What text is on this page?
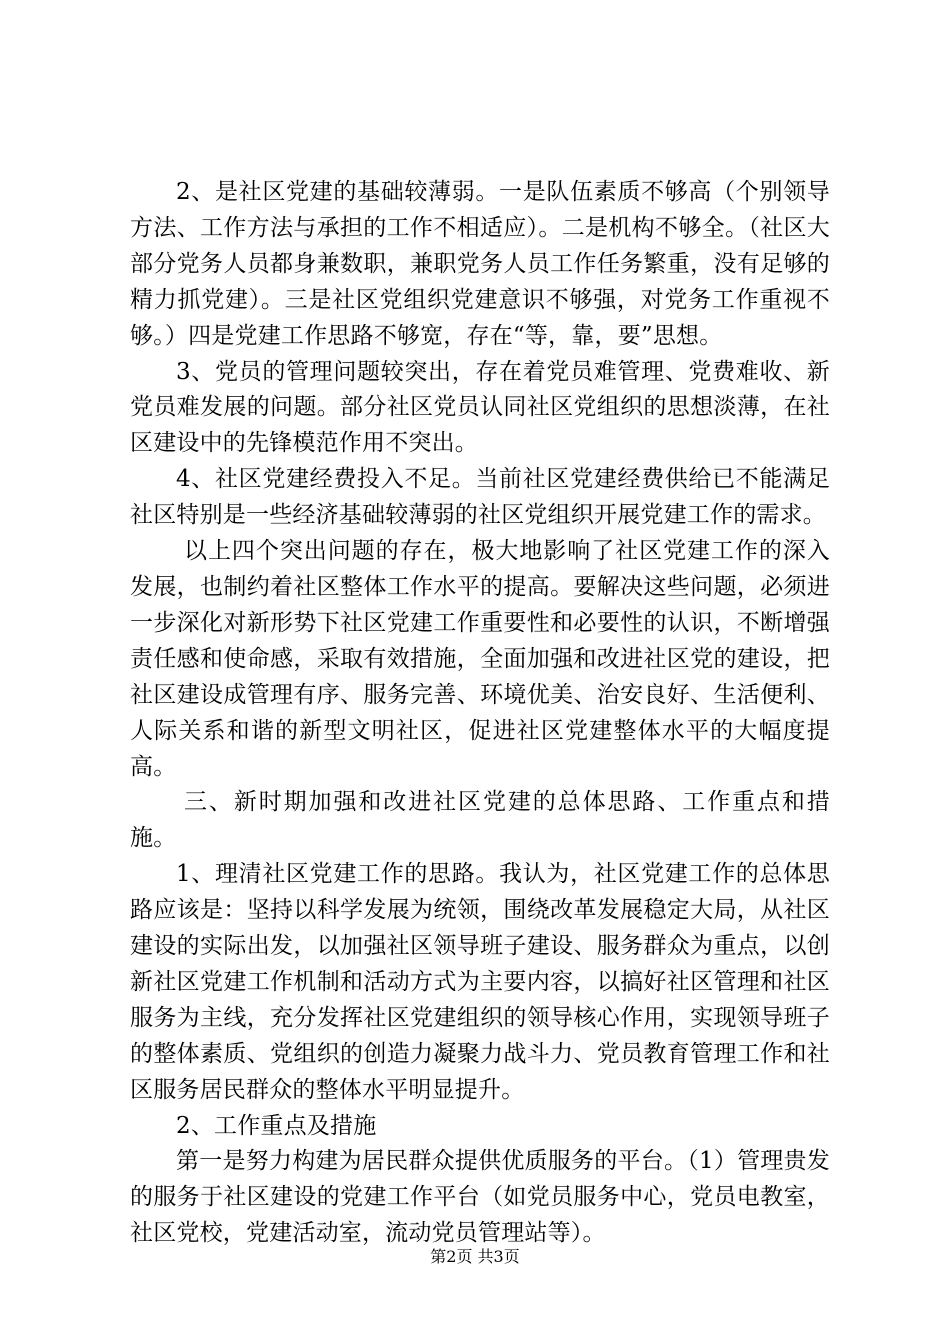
2、是社区党建的基础较薄弱。一是队伍素质不够高（个别领导方法、工作方法与承担的工作不相适应）。二是机构不够全。（社区大部分党务人员都身兼数职，兼职党务人员工作任务繁重，没有足够的精力抓党建）。三是社区党组织党建意识不够强，对党务工作重视不够。）四是党建工作思路不够宽，存在“等，靠，要”思想。

3、党员的管理问题较突出，存在着党员难管理、党费难收、新党员难发展的问题。部分社区党员认同社区党组织的思想淡薄，在社区建设中的先锋模范作用不突出。

4、社区党建经费投入不足。当前社区党建经费供给已不能满足社区特别是一些经济基础较薄弱的社区党组织开展党建工作的需求。

以上四个突出问题的存在，极大地影响了社区党建工作的深入发展，也制约着社区整体工作水平的提高。要解决这些问题，必须进一步深化对新形势下社区党建工作重要性和必要性的认识，不断增强责任感和使命感，采取有效措施，全面加强和改进社区党的建设，把社区建设成管理有序、服务完善、环境优美、治安良好、生活便利、人际关系和谐的新型文明社区，促进社区党建整体水平的大幅度提高。

三、新时期加强和改进社区党建的总体思路、工作重点和措施。

1、理清社区党建工作的思路。我认为，社区党建工作的总体思路应该是：坚持以科学发展为统领，围绕改革发展稳定大局，从社区建设的实际出发，以加强社区领导班子建设、服务群众为重点，以创新社区党建工作机制和活动方式为主要内容，以搞好社区管理和社区服务为主线，充分发挥社区党建组织的领导核心作用，实现领导班子的整体素质、党组织的创造力凝聚力战斗力、党员教育管理工作和社区服务居民群众的整体水平明显提升。

2、工作重点及措施

第一是努力构建为居民群众提供优质服务的平台。（1）管理贵发的服务于社区建设的党建工作平台（如党员服务中心，党员电教室，社区党校，党建活动室，流动党员管理站等）。

第2页 共3页
